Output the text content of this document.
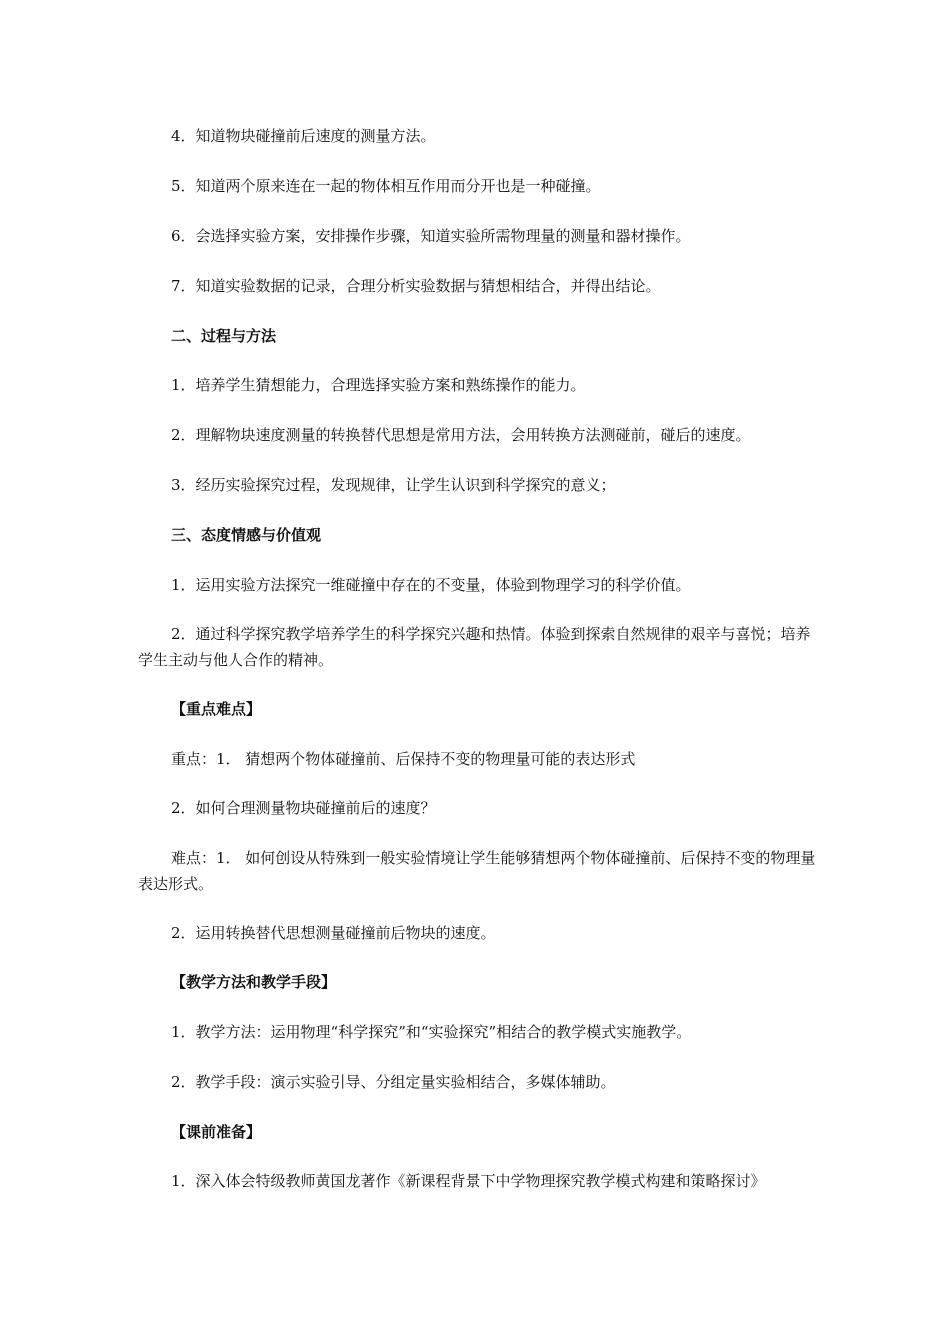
4．知道物块碰撞前后速度的测量方法。

5．知道两个原来连在一起的物体相互作用而分开也是一种碰撞。

6．会选择实验方案，安排操作步骤，知道实验所需物理量的测量和器材操作。

7．知道实验数据的记录，合理分析实验数据与猜想相结合，并得出结论。

二、过程与方法

1．培养学生猜想能力，合理选择实验方案和熟练操作的能力。

2．理解物块速度测量的转换替代思想是常用方法，会用转换方法测碰前，碰后的速度。

3．经历实验探究过程，发现规律，让学生认识到科学探究的意义；

三、态度情感与价值观

1．运用实验方法探究一维碰撞中存在的不变量，体验到物理学习的科学价值。

2．通过科学探究教学培养学生的科学探究兴趣和热情。体验到探索自然规律的艰辛与喜悦；培养学生主动与他人合作的精神。

【重点难点】

重点：1． 猜想两个物体碰撞前、后保持不变的物理量可能的表达形式

2．如何合理测量物块碰撞前后的速度？

难点：1． 如何创设从特殊到一般实验情境让学生能够猜想两个物体碰撞前、后保持不变的物理量表达形式。

2．运用转换替代思想测量碰撞前后物块的速度。

【教学方法和教学手段】

1．教学方法：运用物理“科学探究”和“实验探究”相结合的教学模式实施教学。

2．教学手段：演示实验引导、分组定量实验相结合，多媒体辅助。

【课前准备】

1．深入体会特级教师黄国龙著作《新课程背景下中学物理探究教学模式构建和策略探讨》
